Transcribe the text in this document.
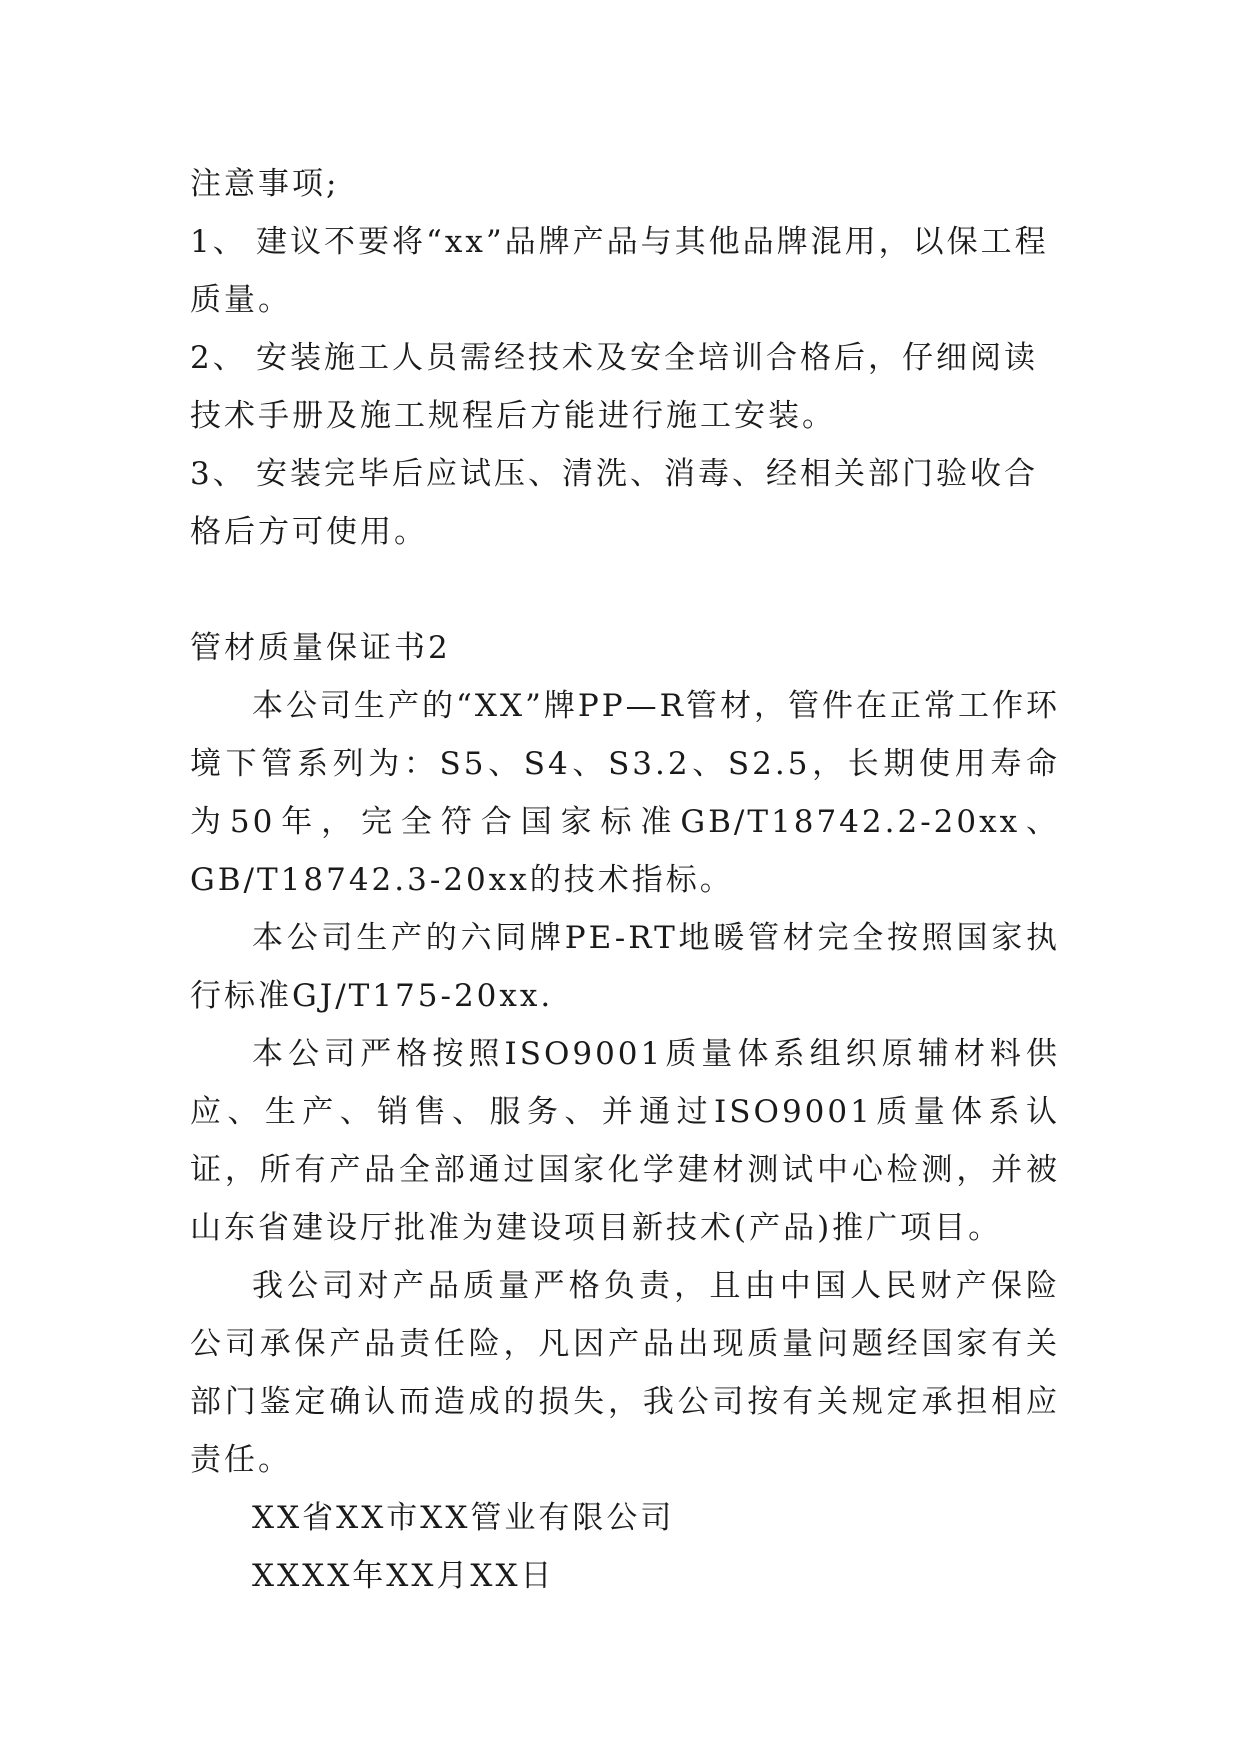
注意事项;

1、 建议不要将“xx”品牌产品与其他品牌混用，以保工程质量。

2、 安装施工人员需经技术及安全培训合格后，仔细阅读技术手册及施工规程后方能进行施工安装。

3、 安装完毕后应试压、清洗、消毒、经相关部门验收合格后方可使用。

管材质量保证书2

本公司生产的“XX”牌PP—R管材，管件在正常工作环境下管系列为：S5、S4、S3.2、S2.5，长期使用寿命为50年，完全符合国家标准GB/T18742.2-20xx、GB/T18742.3-20xx的技术指标。

本公司生产的六同牌PE-RT地暖管材完全按照国家执行标准GJ/T175-20xx.

本公司严格按照ISO9001质量体系组织原辅材料供应、生产、销售、服务、并通过ISO9001质量体系认证，所有产品全部通过国家化学建材测试中心检测，并被山东省建设厅批准为建设项目新技术(产品)推广项目。

我公司对产品质量严格负责，且由中国人民财产保险公司承保产品责任险，凡因产品出现质量问题经国家有关部门鉴定确认而造成的损失，我公司按有关规定承担相应责任。

XX省XX市XX管业有限公司

XXXX年XX月XX日
